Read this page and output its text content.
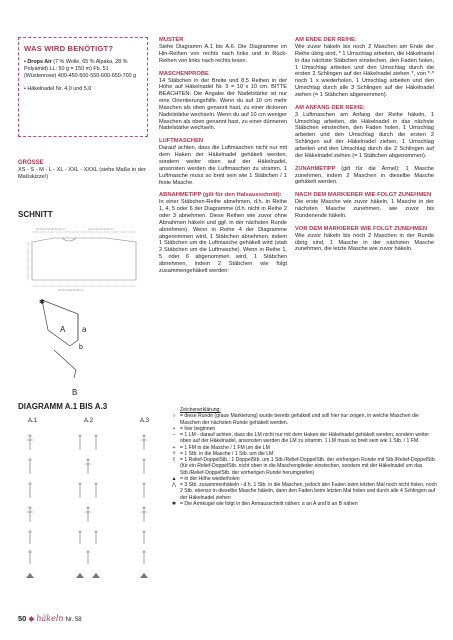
WAS WIRD BENÖTIGT?

• Drops Air (7 % Wolle, 65 % Alpaka, 28 % Polyamid) LL: 50 g = 150 m) Fb. 51 (Wüstenrose) 400-450-500-550-600-650-700 g

• Häkelnadel Nr. 4,0 und 5,0

GRÖSSE
XS - S - M - L - XL - XXL - XXXL (siehe Maße in der Maßskizze!)
SCHNITT
00-00-00-00-00-00-00 cm	00-00-00-00-00-00 cm
00-00-00-00-00-00 cm
✱
A a
b
B

MUSTER

Siehe Diagramm A.1 bis A.6. Die Diagramme im Hin-Reihen von rechts nach links und in Rück-Reihen von links nach rechts lesen.

MASCHENPROBE

14 Stäbchen in der Breite und 8,5 Reihen in der Höhe auf Häkelnadel Nr. 5 = 10 x 10 cm. BITTE BEACHTEN: Die Angabe der Nadelstärke ist nur eine Orientierungshilfe. Wenn du auf 10 cm mehr Maschen als oben genannt hast, zu einer dickeren Nadelstärke wechseln. Wenn du auf 10 cm weniger Maschen als oben genannt hast, zu einer dünneren Nadelstärke wechseln.

LUFTMASCHEN

Darauf achten, dass die Luftmaschen nicht nur mit dem Haken der Häkelnadel gehäkelt werden, sondern weiter oben auf der Häkelnadel, ansonsten werden die Luftmaschen zu stramm. 1 Luftmasche muss so breit sein wie 1 Stäbchen / 1 feste Masche.

ABNAHMETIPP (gilt für den Halsausschnitt):

In einer Stäbchen-Reihe abnehmen, d.h. in Reihe 1, 4, 5 oder 6 der Diagramme (d.h. nicht in Reihe 2 oder 3 abnehmen. Diese Reihen wie zuvor ohne Abnahmen häkeln und ggf. in der nächsten Runde abnehmen). Wenn in Reihe 4 der Diagramme abgenommen wird, 1 Stäbchen abnehmen, indem 1 Stäbchen um die Luftmasche gehäkelt wird (statt 2 Stäbchen um die Luftmasche). Wenn in Reihe 1, 5 oder 6 abgenommen wird, 1 Stäbchen abnehmen, indem 2 Stäbchen wie folgt zusammengehäkelt werden:

AM ENDE DER REIHE:

Wie zuvor häkeln bis noch 2 Maschen am Ende der Reihe übrig sind, * 1 Umschlag arbeiten, die Häkelnadel in das nächste Stäbchen einstechen, den Faden holen, 1 Umschlag arbeiten und den Umschlag durch die ersten 2 Schlingen auf der Häkelnadel ziehen *, von *-* noch 1 x wiederholen, 1 Umschlag arbeiten und den Umschlag durch alle 3 Schlingen auf der Häkelnadel ziehen (= 1 Stäbchen abgenommen).

AM ANFANG DER REIHE:

3 Luftmaschen am Anfang der Reihe häkeln, 1 Umschlag arbeiten, die Häkelnadel in das nächste Stäbchen einstechen, den Faden holen, 1 Umschlag arbeiten und den Umschlag durch die ersten 2 Schlingen auf der Häkelnadel ziehen, 1 Umschlag arbeiten und den Umschlag durch die 2 Schlingen auf der Häkelnadel ziehen (= 1 Stäbchen abgenommen).

ZUNAHMETIPP (gilt für die Ärmel): 1 Masche zunehmen, indem 2 Maschen in dieselbe Masche gehäkelt werden.

NACH DEM MARKIERER WIE FOLGT ZUNEHMEN

Die erste Masche wie zuvor häkeln, 1 Masche in der nächsten Masche zunehmen, wie zuvor bis Rundenende häkeln.

VOR DEM MARKIERER WIE FOLGT ZUNEHMEN

Wie zuvor häkeln bis noch 2 Maschen in der Runde übrig sind, 1 Masche in der nächsten Masche zunehmen, die letzte Masche wie zuvor häkeln.

DIAGRAMM A.1 BIS A.3
A.1	A.2	A.3
Zeichenerklärung:
○ = diese Runde (graue Markierung) wurde bereits gehäkelt und soll hier nur zeigen, in welche Maschen die Maschen der nächsten Runde gehäkelt werden.
•	= hier beginnen
– = 1 LM - darauf achten, dass die LM nicht nur mit dem Haken der Häkelnadel gehäkelt werden, sondern weiter oben auf der Häkelnadel, ansonsten werden die LM zu stramm. 1 LM muss so breit sein wie 1 Stb. / 1 FM.
+ = 1 FM in die Masche / 1 FM um die LM
† = 1 Stb. in die Masche / 1 Stb. um die LM
ƭ	= 1 Relief-DoppelStb.: 1 DoppelStb. um 1 Stb./Relief-DoppelStb. der vorherigen Runde mit Stb./Relief-DoppelStb. (für ein Relief-DoppelStb. nicht oben in die Maschenglieder einstechen, sondern mit der Häkelnadel um das Stb./Relief-DoppelStb. der vorherigen Runde herumgreifen)
▲ = in der Höhe wiederholen
⋀ = 3 Stb. zusammenhäkeln - d.h. 1 Stb. in die Maschen, jedoch den Faden beim letzten Mal noch nicht holen, noch 2 Stb. ebenso in dieselbe Masche häkeln, dann den Faden beim letzten Mal holen und durch alle 4 Schlingen auf der Häkelnadel ziehen
✱ = Die Armkugel wie folgt in den Armausschnitt nähen: a an A und b an B nähen
50 ◆ häkeln Nr. 58
